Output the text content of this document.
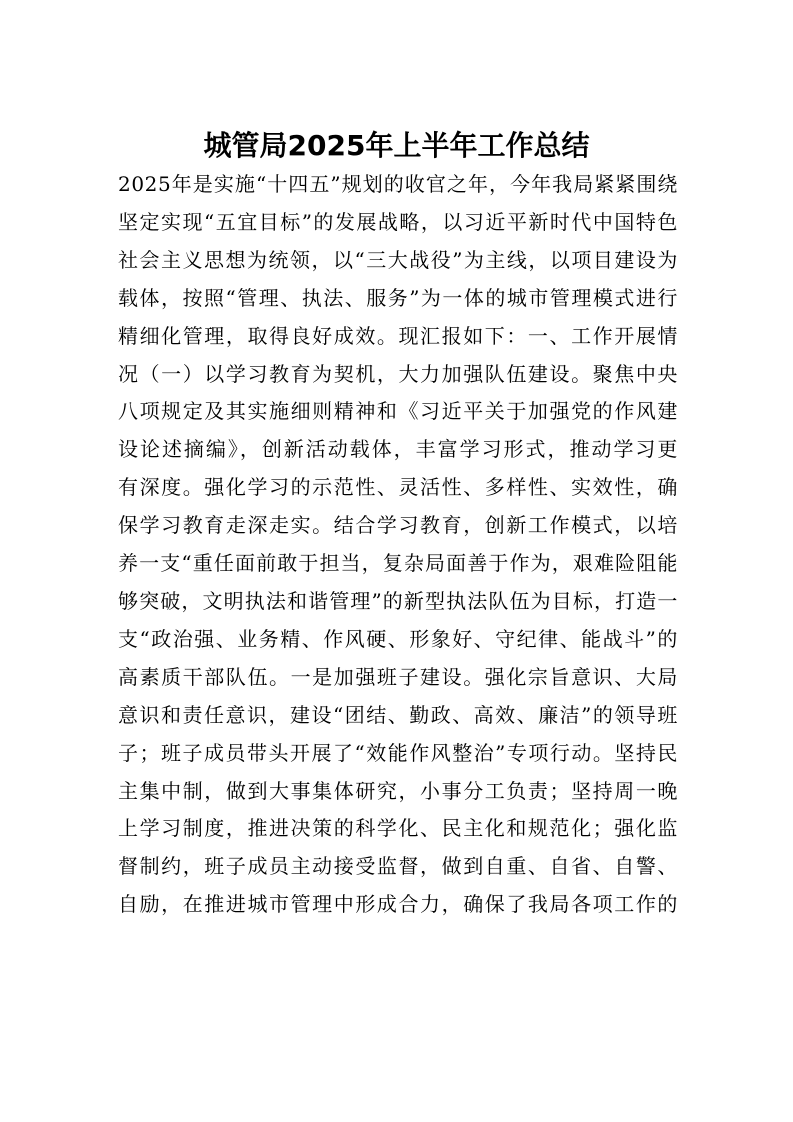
城管局2025年上半年工作总结
2025年是实施“十四五”规划的收官之年，今年我局紧紧围绕
坚定实现“五宜目标”的发展战略，以习近平新时代中国特色
社会主义思想为统领，以“三大战役”为主线，以项目建设为
载体，按照“管理、执法、服务”为一体的城市管理模式进行
精细化管理，取得良好成效。现汇报如下：一、工作开展情
况（一）以学习教育为契机，大力加强队伍建设。聚焦中央
八项规定及其实施细则精神和《习近平关于加强党的作风建
设论述摘编》，创新活动载体，丰富学习形式，推动学习更
有深度。强化学习的示范性、灵活性、多样性、实效性，确
保学习教育走深走实。结合学习教育，创新工作模式，以培
养一支“重任面前敢于担当，复杂局面善于作为，艰难险阻能
够突破，文明执法和谐管理”的新型执法队伍为目标，打造一
支“政治强、业务精、作风硬、形象好、守纪律、能战斗”的
高素质干部队伍。一是加强班子建设。强化宗旨意识、大局
意识和责任意识，建设“团结、勤政、高效、廉洁”的领导班
子；班子成员带头开展了“效能作风整治”专项行动。坚持民
主集中制，做到大事集体研究，小事分工负责；坚持周一晚
上学习制度，推进决策的科学化、民主化和规范化；强化监
督制约，班子成员主动接受监督，做到自重、自省、自警、
自励，在推进城市管理中形成合力，确保了我局各项工作的
